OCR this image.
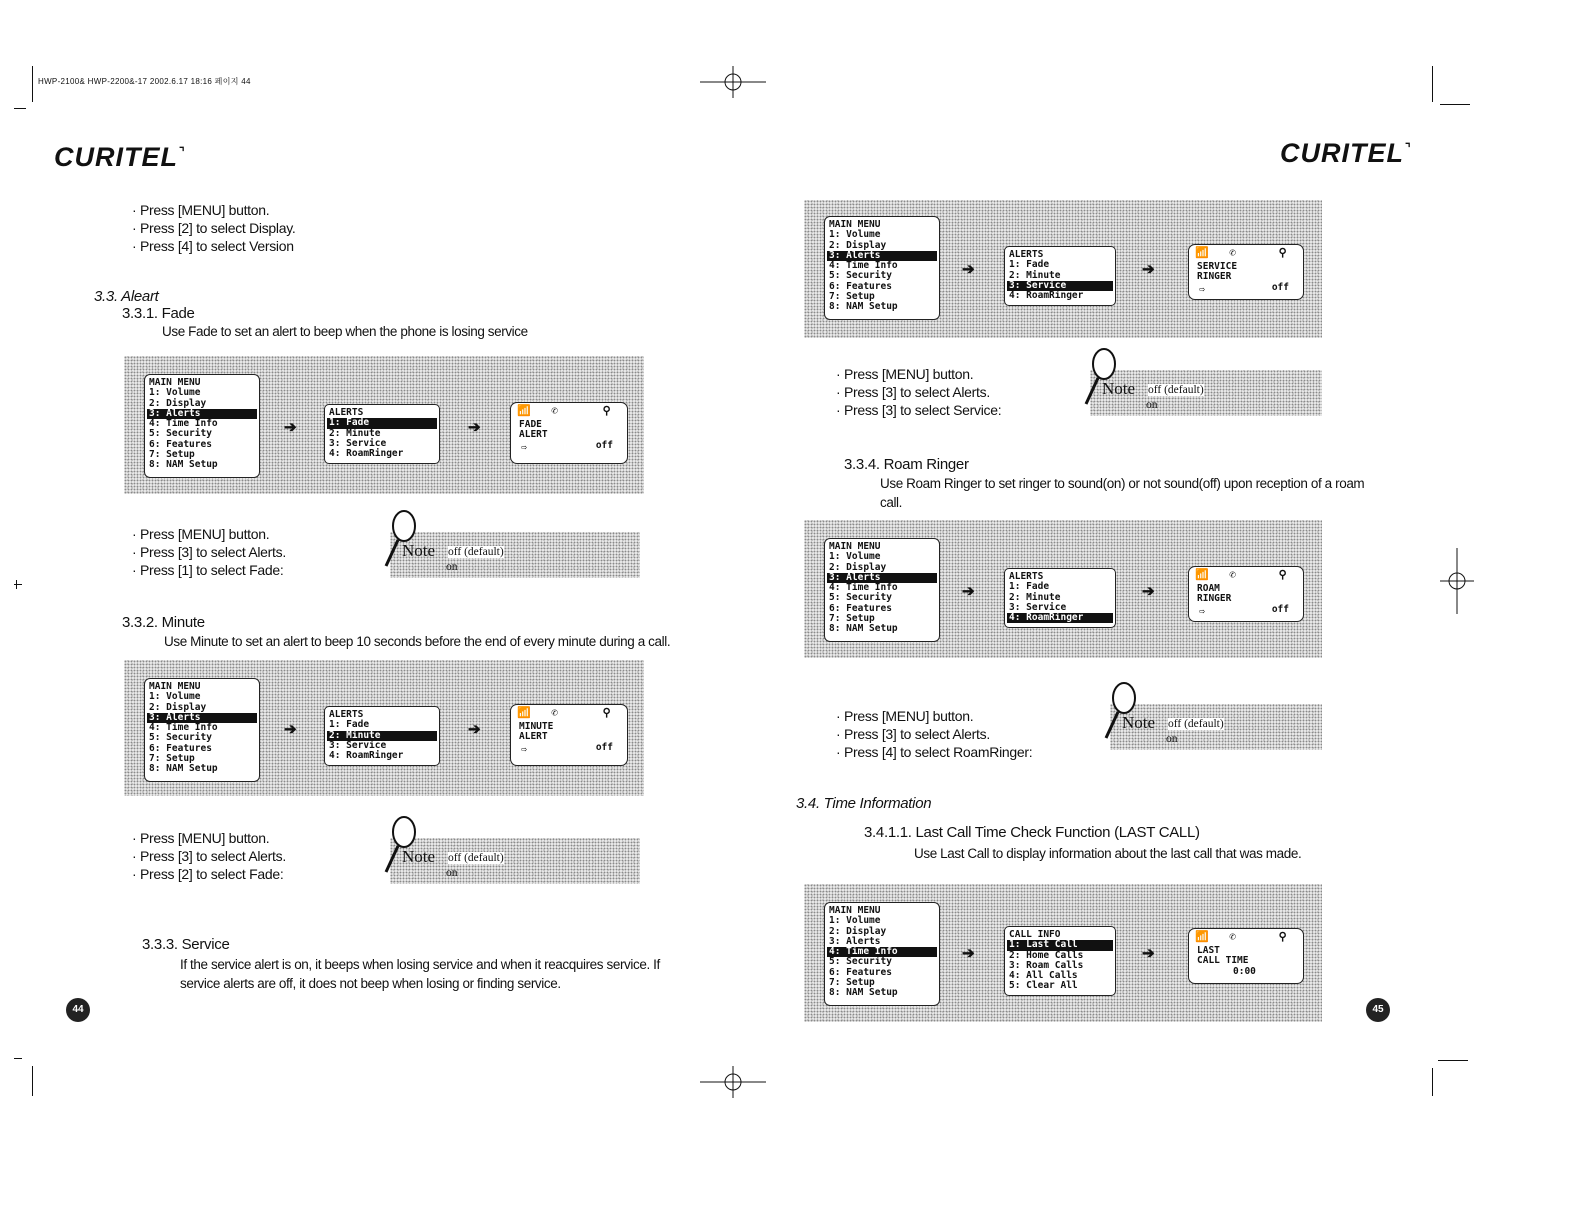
HWP-2100& HWP-2200&-17 2002.6.17 18:16 페이지 44
CURITEL⌝	CURITEL⌝
· Press [MENU] button.
· Press [2] to select Display.
· Press [4] to select Version
3.3. Aleart
3.3.1. Fade
Use Fade to set an alert to beep when the phone is losing service
MAIN MENU
1: Volume
2: Display
3: Alerts
4: Time Info
5: Security
6: Features
7: Setup
8: NAM Setup
➔
ALERTS
1: Fade
2: Minute
3: Service
4: RoamRinger
➔
📶 ✆	⚲
FADE
ALERT
⇨	off
· Press [MENU] button.
· Press [3] to select Alerts.
· Press [1] to select Fade:
Note off (default)
on
3.3.2. Minute
Use Minute to set an alert to beep 10 seconds before the end of every minute during a call.
MAIN MENU
1: Volume
2: Display
3: Alerts
4: Time Info
5: Security
6: Features
7: Setup
8: NAM Setup
➔
ALERTS
1: Fade
2: Minute
3: Service
4: RoamRinger
➔
📶 ✆	⚲
MINUTE
ALERT
⇨	off
· Press [MENU] button.
· Press [3] to select Alerts.
· Press [2] to select Fade:
Note off (default)
on
3.3.3. Service
If the service alert is on, it beeps when losing service and when it reacquires service. If service alerts are off, it does not beep when losing or finding service.
44
MAIN MENU
1: Volume
2: Display
3: Alerts
4: Time Info
5: Security
6: Features
7: Setup
8: NAM Setup
➔
ALERTS
1: Fade
2: Minute
3: Service
4: RoamRinger
➔
📶 ✆	⚲
SERVICE
RINGER
⇨	off
· Press [MENU] button.
· Press [3] to select Alerts.
· Press [3] to select Service:
Note off (default)
on
3.3.4. Roam Ringer
Use Roam Ringer to set ringer to sound(on) or not sound(off) upon reception of a roam call.
MAIN MENU
1: Volume
2: Display
3: Alerts
4: Time Info
5: Security
6: Features
7: Setup
8: NAM Setup
➔
ALERTS
1: Fade
2: Minute
3: Service
4: RoamRinger
➔
📶 ✆	⚲
ROAM
RINGER
⇨	off
· Press [MENU] button.
· Press [3] to select Alerts.
· Press [4] to select RoamRinger:
Note off (default)
on
3.4. Time Information
3.4.1.1. Last Call Time Check Function (LAST CALL)
Use Last Call to display information about the last call that was made.
MAIN MENU
1: Volume
2: Display
3: Alerts
4: Time Info
5: Security
6: Features
7: Setup
8: NAM Setup
➔
CALL INFO
1: Last Call
2: Home Calls
3: Roam Calls
4: All Calls
5: Clear All
➔
📶 ✆	⚲
LAST
CALL TIME
0:00
45
